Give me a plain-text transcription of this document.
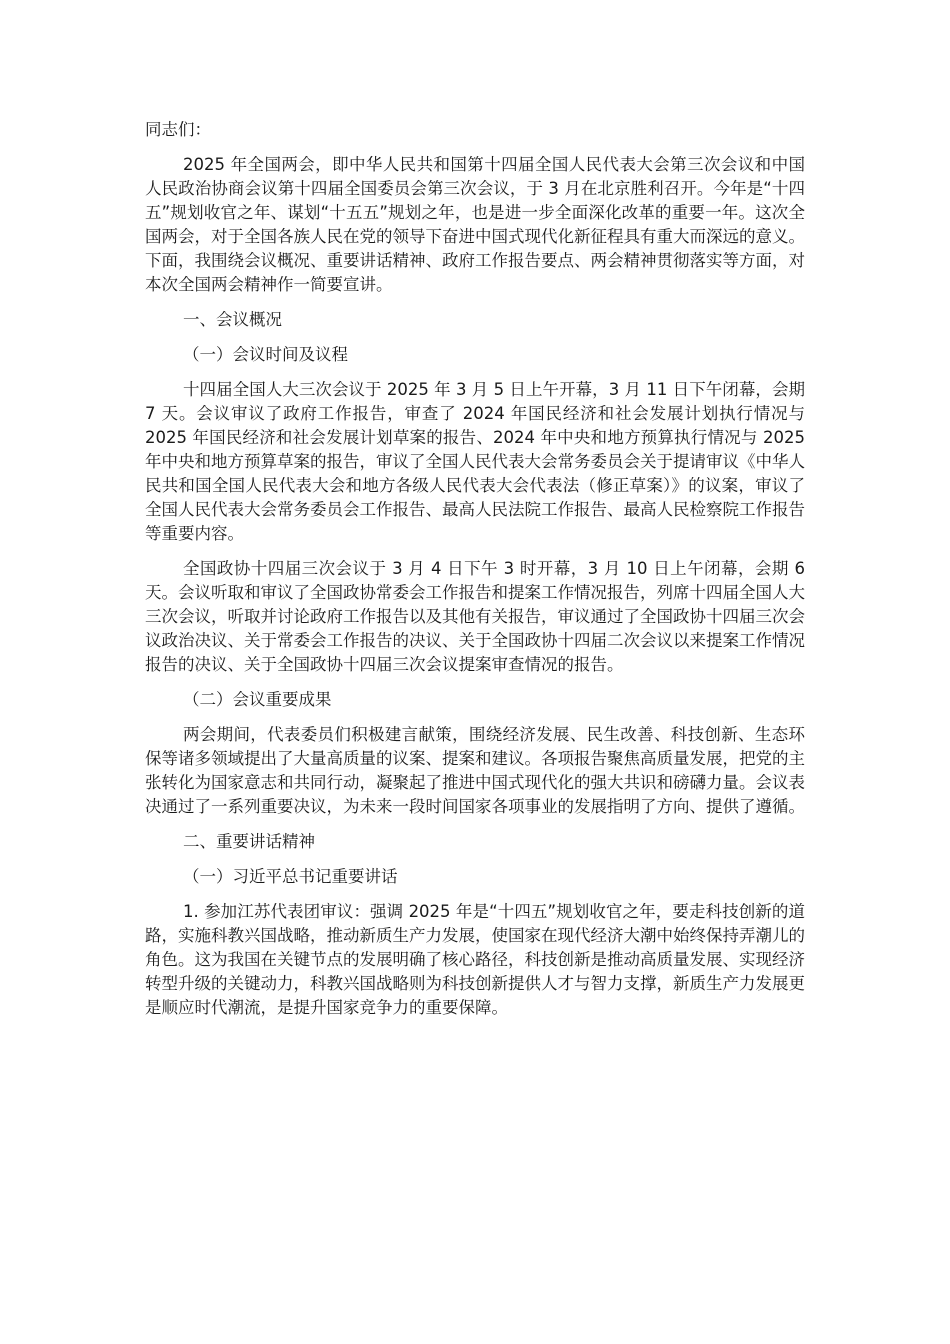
同志们：

2025 年全国两会，即中华人民共和国第十四届全国人民代表大会第三次会议和中国人民政治协商会议第十四届全国委员会第三次会议，于 3 月在北京胜利召开。今年是“十四五”规划收官之年、谋划“十五五”规划之年，也是进一步全面深化改革的重要一年。这次全国两会，对于全国各族人民在党的领导下奋进中国式现代化新征程具有重大而深远的意义。下面，我围绕会议概况、重要讲话精神、政府工作报告要点、两会精神贯彻落实等方面，对本次全国两会精神作一简要宣讲。

一、会议概况

（一）会议时间及议程

十四届全国人大三次会议于 2025 年 3 月 5 日上午开幕，3 月 11 日下午闭幕，会期 7 天。会议审议了政府工作报告，审查了 2024 年国民经济和社会发展计划执行情况与 2025 年国民经济和社会发展计划草案的报告、2024 年中央和地方预算执行情况与 2025 年中央和地方预算草案的报告，审议了全国人民代表大会常务委员会关于提请审议《中华人民共和国全国人民代表大会和地方各级人民代表大会代表法（修正草案）》的议案，审议了全国人民代表大会常务委员会工作报告、最高人民法院工作报告、最高人民检察院工作报告等重要内容。

全国政协十四届三次会议于 3 月 4 日下午 3 时开幕，3 月 10 日上午闭幕，会期 6 天。会议听取和审议了全国政协常委会工作报告和提案工作情况报告，列席十四届全国人大三次会议，听取并讨论政府工作报告以及其他有关报告，审议通过了全国政协十四届三次会议政治决议、关于常委会工作报告的决议、关于全国政协十四届二次会议以来提案工作情况报告的决议、关于全国政协十四届三次会议提案审查情况的报告。

（二）会议重要成果

两会期间，代表委员们积极建言献策，围绕经济发展、民生改善、科技创新、生态环保等诸多领域提出了大量高质量的议案、提案和建议。各项报告聚焦高质量发展，把党的主张转化为国家意志和共同行动，凝聚起了推进中国式现代化的强大共识和磅礴力量。会议表决通过了一系列重要决议，为未来一段时间国家各项事业的发展指明了方向、提供了遵循。

二、重要讲话精神

（一）习近平总书记重要讲话

1. 参加江苏代表团审议：强调 2025 年是“十四五”规划收官之年，要走科技创新的道路，实施科教兴国战略，推动新质生产力发展，使国家在现代经济大潮中始终保持弄潮儿的角色。这为我国在关键节点的发展明确了核心路径，科技创新是推动高质量发展、实现经济转型升级的关键动力，科教兴国战略则为科技创新提供人才与智力支撑，新质生产力发展更是顺应时代潮流，是提升国家竞争力的重要保障。
